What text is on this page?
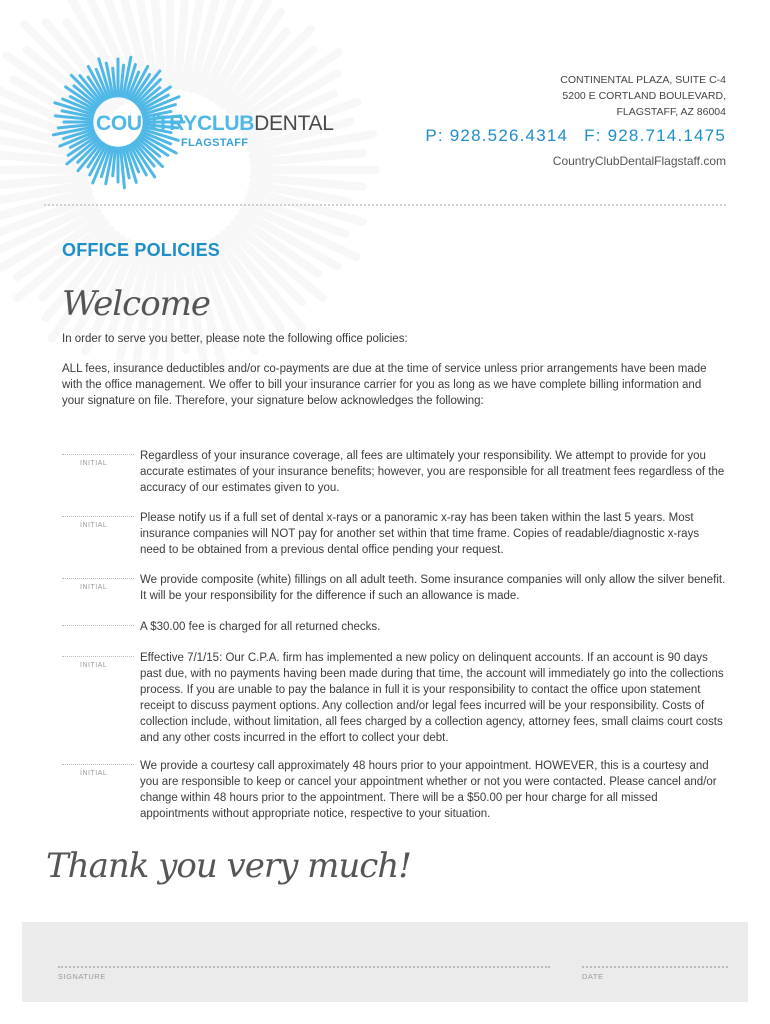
COUNTRYCLUBDENTAL
FLAGSTAFF
CONTINENTAL PLAZA, SUITE C-4
5200 E CORTLAND BOULEVARD,
FLAGSTAFF, AZ 86004
P: 928.526.4314 F: 928.714.1475
CountryClubDentalFlagstaff.com
OFFICE POLICIES
Welcome

In order to serve you better, please note the following office policies:

ALL fees, insurance deductibles and/or co-payments are due at the time of service unless prior arrangements have been made with the office management. We offer to bill your insurance carrier for you as long as we have complete billing information and your signature on file. Therefore, your signature below acknowledges the following:

INITIAL
Regardless of your insurance coverage, all fees are ultimately your responsibility. We attempt to provide for you accurate estimates of your insurance benefits; however, you are responsible for all treatment fees regardless of the accuracy of our estimates given to you.
INITIAL
Please notify us if a full set of dental x-rays or a panoramic x-ray has been taken within the last 5 years. Most insurance companies will NOT pay for another set within that time frame. Copies of readable/diagnostic x-rays need to be obtained from a previous dental office pending your request.
INITIAL
We provide composite (white) fillings on all adult teeth. Some insurance companies will only allow the silver benefit. It will be your responsibility for the difference if such an allowance is made.
A $30.00 fee is charged for all returned checks.
INITIAL
Effective 7/1/15: Our C.P.A. firm has implemented a new policy on delinquent accounts. If an account is 90 days past due, with no payments having been made during that time, the account will immediately go into the collections process. If you are unable to pay the balance in full it is your responsibility to contact the office upon statement receipt to discuss payment options. Any collection and/or legal fees incurred will be your responsibility. Costs of collection include, without limitation, all fees charged by a collection agency, attorney fees, small claims court costs and any other costs incurred in the effort to collect your debt.
INITIAL
We provide a courtesy call approximately 48 hours prior to your appointment. HOWEVER, this is a courtesy and you are responsible to keep or cancel your appointment whether or not you were contacted. Please cancel and/or change within 48 hours prior to the appointment. There will be a $50.00 per hour charge for all missed appointments without appropriate notice, respective to your situation.
Thank you very much!
SIGNATURE	DATE
